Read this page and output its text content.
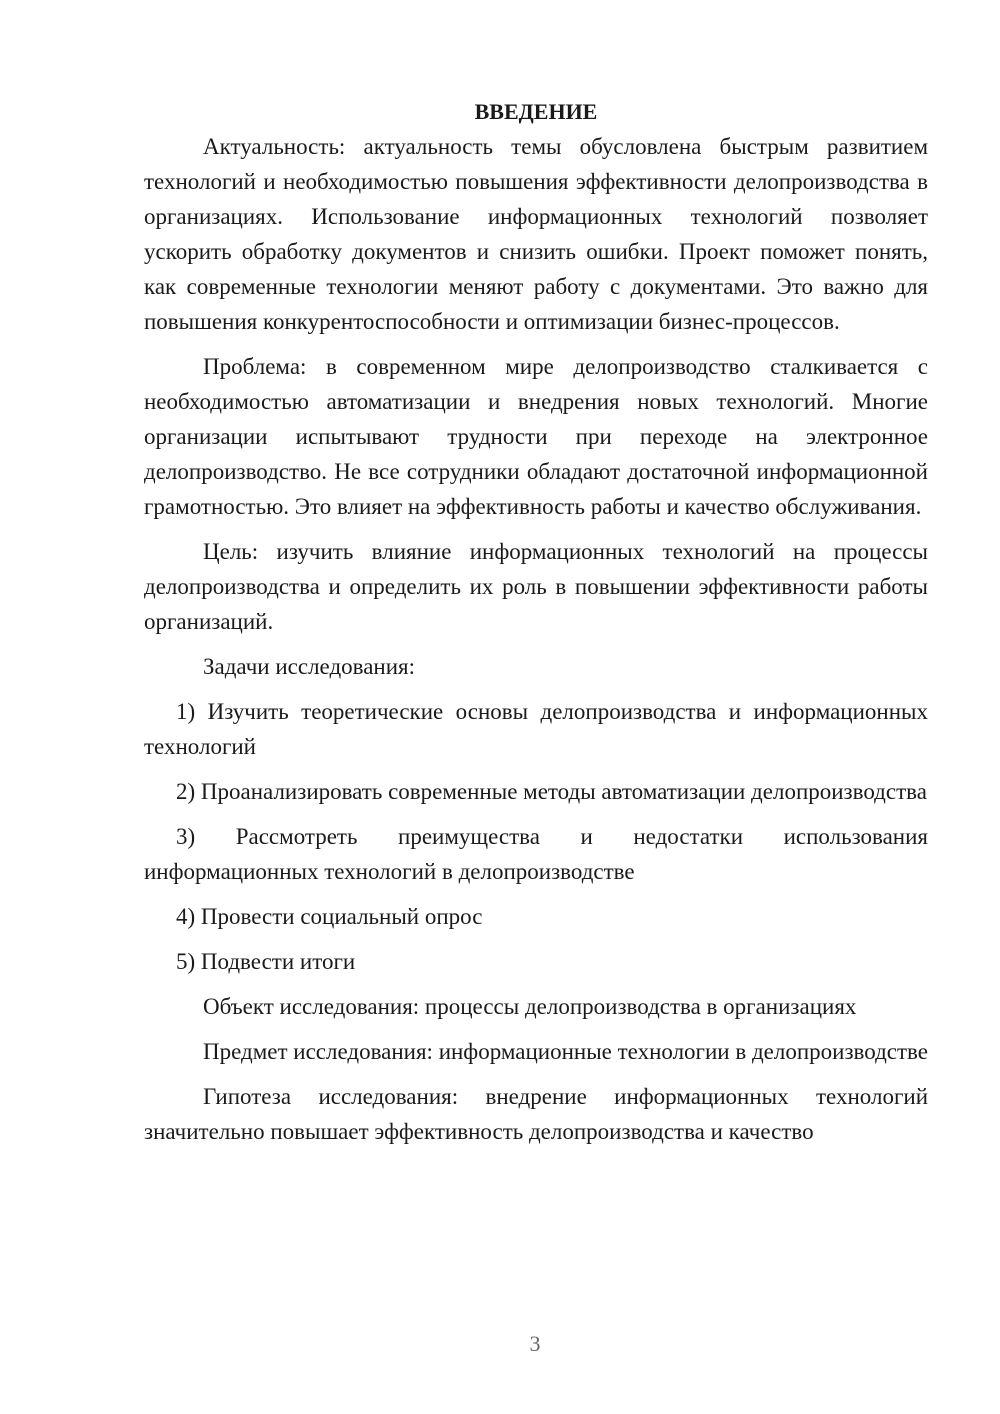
ВВЕДЕНИЕ

Актуальность: актуальность темы обусловлена быстрым развитием технологий и необходимостью повышения эффективности делопроизводства в организациях. Использование информационных технологий позволяет ускорить обработку документов и снизить ошибки. Проект поможет понять, как современные технологии меняют работу с документами. Это важно для повышения конкурентоспособности и оптимизации бизнес-процессов.

Проблема: в современном мире делопроизводство сталкивается с необходимостью автоматизации и внедрения новых технологий. Многие организации испытывают трудности при переходе на электронное делопроизводство. Не все сотрудники обладают достаточной информационной грамотностью. Это влияет на эффективность работы и качество обслуживания.

Цель: изучить влияние информационных технологий на процессы делопроизводства и определить их роль в повышении эффективности работы организаций.

Задачи исследования:

1) Изучить теоретические основы делопроизводства и информационных технологий

2) Проанализировать современные методы автоматизации делопроизводства

3) Рассмотреть преимущества и недостатки использования информационных технологий в делопроизводстве

4) Провести социальный опрос

5) Подвести итоги

Объект исследования: процессы делопроизводства в организациях

Предмет исследования: информационные технологии в делопроизводстве

Гипотеза исследования: внедрение информационных технологий значительно повышает эффективность делопроизводства и качество

3
